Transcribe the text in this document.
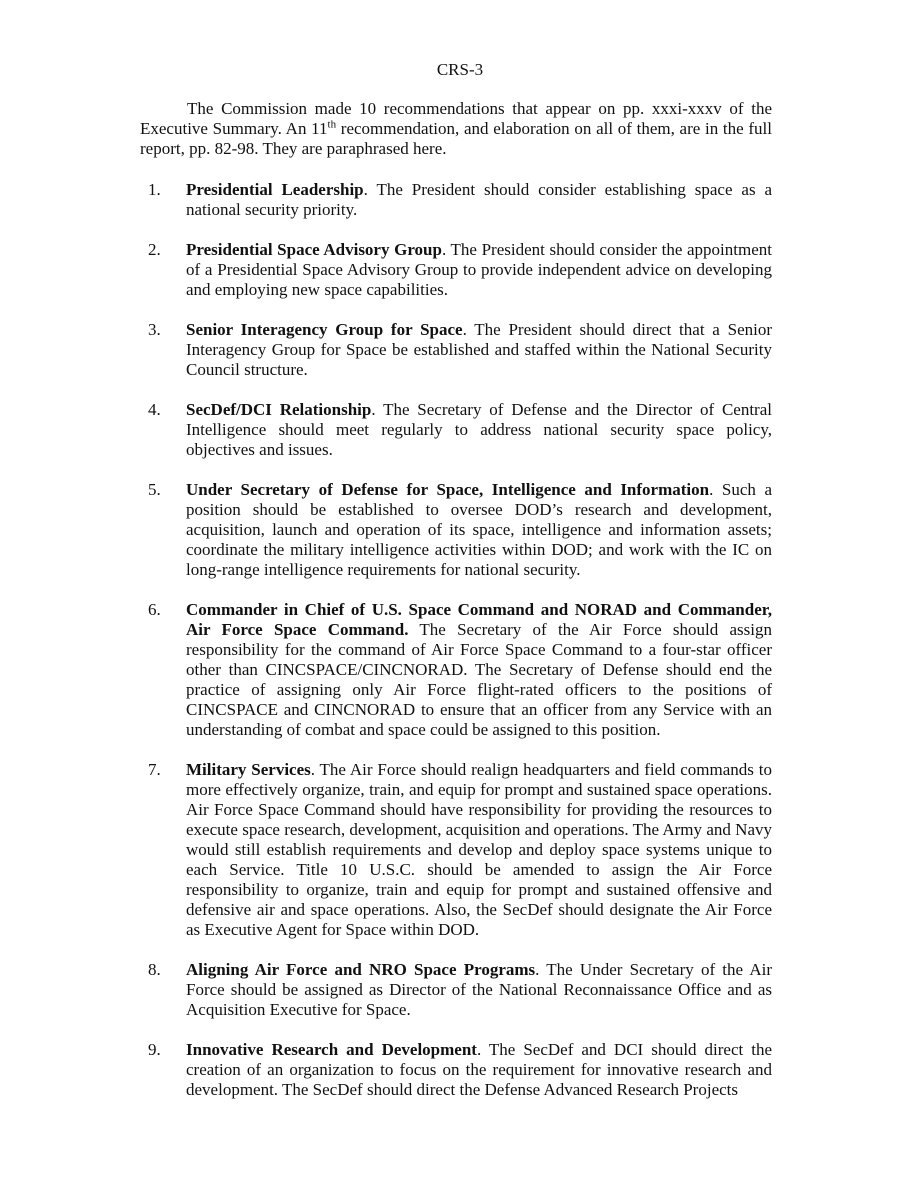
CRS-3

The Commission made 10 recommendations that appear on pp. xxxi-xxxv of the Executive Summary. An 11th recommendation, and elaboration on all of them, are in the full report, pp. 82-98. They are paraphrased here.

1. Presidential Leadership. The President should consider establishing space as a national security priority.
2. Presidential Space Advisory Group. The President should consider the appointment of a Presidential Space Advisory Group to provide independent advice on developing and employing new space capabilities.
3. Senior Interagency Group for Space. The President should direct that a Senior Interagency Group for Space be established and staffed within the National Security Council structure.
4. SecDef/DCI Relationship. The Secretary of Defense and the Director of Central Intelligence should meet regularly to address national security space policy, objectives and issues.
5. Under Secretary of Defense for Space, Intelligence and Information. Such a position should be established to oversee DOD’s research and development, acquisition, launch and operation of its space, intelligence and information assets; coordinate the military intelligence activities within DOD; and work with the IC on long-range intelligence requirements for national security.
6. Commander in Chief of U.S. Space Command and NORAD and Commander, Air Force Space Command. The Secretary of the Air Force should assign responsibility for the command of Air Force Space Command to a four-star officer other than CINCSPACE/CINCNORAD. The Secretary of Defense should end the practice of assigning only Air Force flight-rated officers to the positions of CINCSPACE and CINCNORAD to ensure that an officer from any Service with an understanding of combat and space could be assigned to this position.
7. Military Services. The Air Force should realign headquarters and field commands to more effectively organize, train, and equip for prompt and sustained space operations. Air Force Space Command should have responsibility for providing the resources to execute space research, development, acquisition and operations. The Army and Navy would still establish requirements and develop and deploy space systems unique to each Service. Title 10 U.S.C. should be amended to assign the Air Force responsibility to organize, train and equip for prompt and sustained offensive and defensive air and space operations. Also, the SecDef should designate the Air Force as Executive Agent for Space within DOD.
8. Aligning Air Force and NRO Space Programs. The Under Secretary of the Air Force should be assigned as Director of the National Reconnaissance Office and as Acquisition Executive for Space.
9. Innovative Research and Development. The SecDef and DCI should direct the creation of an organization to focus on the requirement for innovative research and development. The SecDef should direct the Defense Advanced Research Projects
